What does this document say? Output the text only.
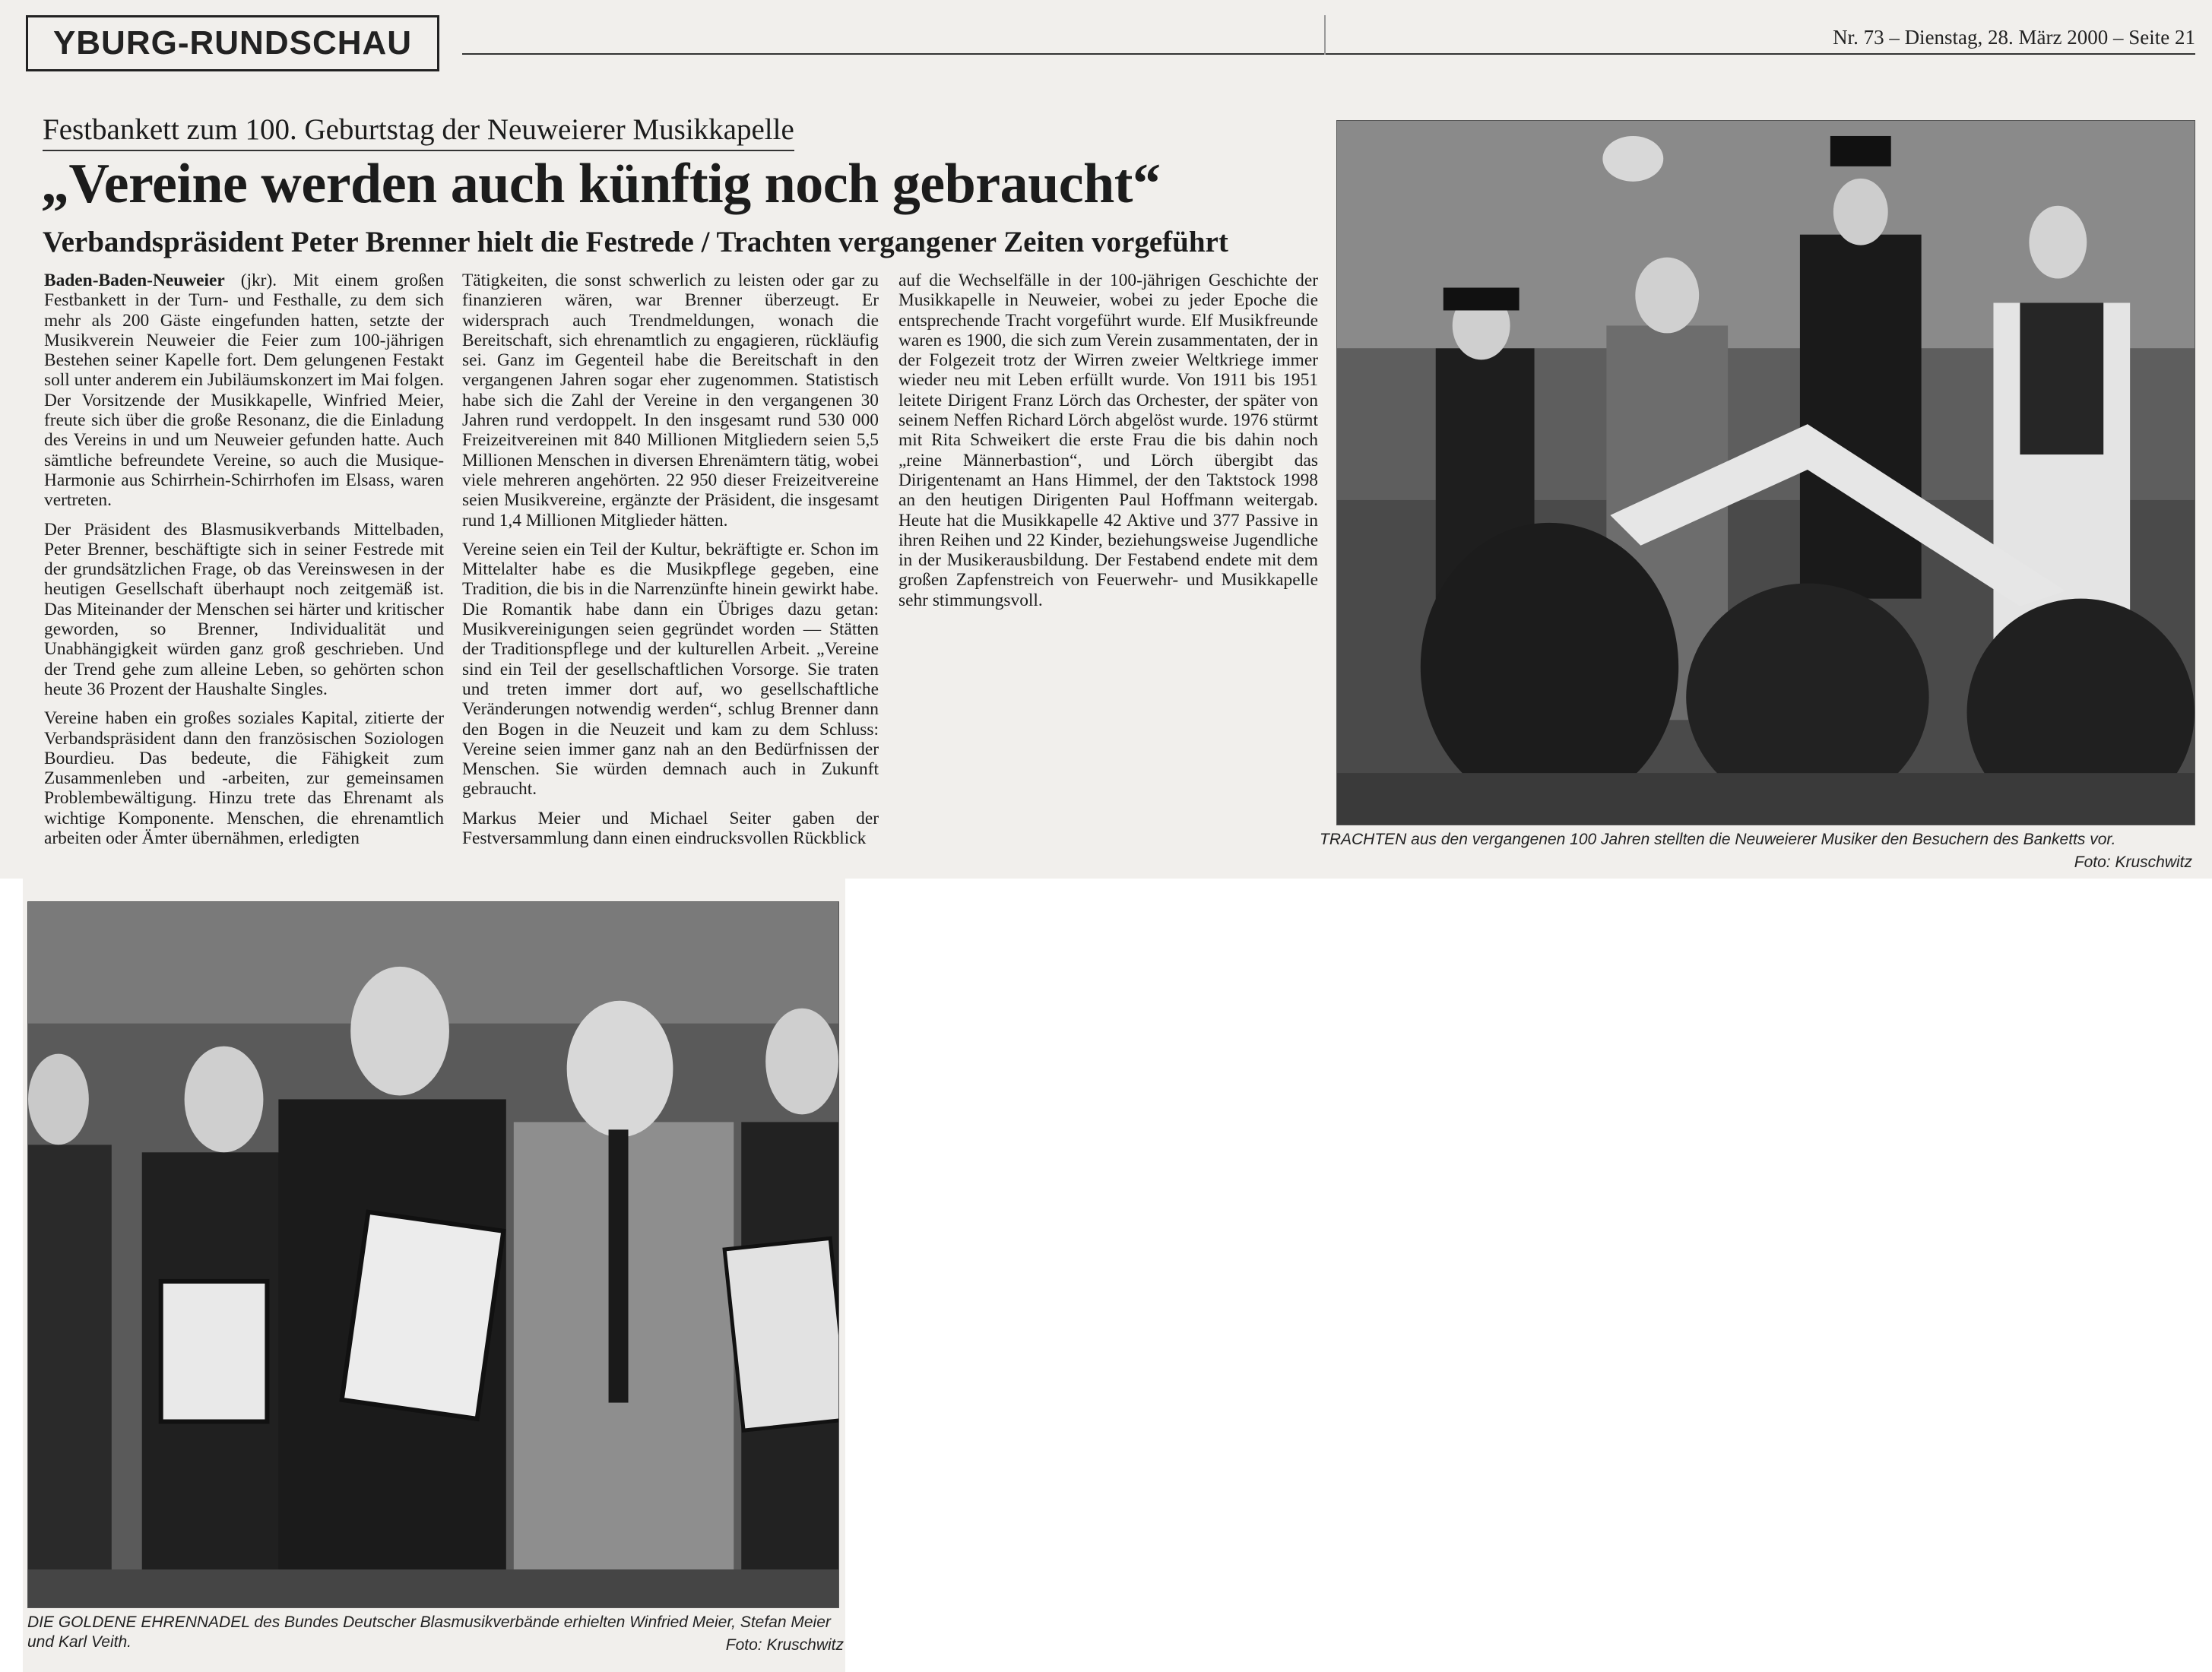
YBURG-RUNDSCHAU	Nr. 73 – Dienstag, 28. März 2000 – Seite 21
Festbankett zum 100. Geburtstag der Neuweierer Musikkapelle
„Vereine werden auch künftig noch gebraucht“
Verbandspräsident Peter Brenner hielt die Festrede / Trachten vergangener Zeiten vorgeführt

Baden-Baden-Neuweier (jkr). Mit einem großen Festbankett in der Turn- und Festhalle, zu dem sich mehr als 200 Gäste eingefunden hatten, setzte der Musikverein Neuweier die Feier zum 100-jährigen Bestehen seiner Kapelle fort. Dem gelungenen Festakt soll unter anderem ein Jubiläumskonzert im Mai folgen. Der Vorsitzende der Musikkapelle, Winfried Meier, freute sich über die große Resonanz, die die Einladung des Vereins in und um Neuweier gefunden hatte. Auch sämtliche befreundete Vereine, so auch die Musique-Harmonie aus Schirrhein-Schirrhofen im Elsass, waren vertreten.

Der Präsident des Blasmusikverbands Mittelbaden, Peter Brenner, beschäftigte sich in seiner Festrede mit der grundsätzlichen Frage, ob das Vereinswesen in der heutigen Gesellschaft überhaupt noch zeitgemäß ist. Das Miteinander der Menschen sei härter und kritischer geworden, so Brenner, Individualität und Unabhängigkeit würden ganz groß geschrieben. Und der Trend gehe zum alleine Leben, so gehörten schon heute 36 Prozent der Haushalte Singles.

Vereine haben ein großes soziales Kapital, zitierte der Verbandspräsident dann den französischen Soziologen Bourdieu. Das bedeute, die Fähigkeit zum Zusammenleben und -arbeiten, zur gemeinsamen Problembewältigung. Hinzu trete das Ehrenamt als wichtige Komponente. Menschen, die ehrenamtlich arbeiten oder Ämter übernähmen, erledigten

Tätigkeiten, die sonst schwerlich zu leisten oder gar zu finanzieren wären, war Brenner überzeugt. Er widersprach auch Trendmeldungen, wonach die Bereitschaft, sich ehrenamtlich zu engagieren, rückläufig sei. Ganz im Gegenteil habe die Bereitschaft in den vergangenen Jahren sogar eher zugenommen. Statistisch habe sich die Zahl der Vereine in den vergangenen 30 Jahren rund verdoppelt. In den insgesamt rund 530 000 Freizeitvereinen mit 840 Millionen Mitgliedern seien 5,5 Millionen Menschen in diversen Ehrenämtern tätig, wobei viele mehreren angehörten. 22 950 dieser Freizeitvereine seien Musikvereine, ergänzte der Präsident, die insgesamt rund 1,4 Millionen Mitglieder hätten.

Vereine seien ein Teil der Kultur, bekräftigte er. Schon im Mittelalter habe es die Musikpflege gegeben, eine Tradition, die bis in die Narrenzünfte hinein gewirkt habe. Die Romantik habe dann ein Übriges dazu getan: Musikvereinigungen seien gegründet worden — Stätten der Traditionspflege und der kulturellen Arbeit. „Vereine sind ein Teil der gesellschaftlichen Vorsorge. Sie traten und treten immer dort auf, wo gesellschaftliche Veränderungen notwendig werden“, schlug Brenner dann den Bogen in die Neuzeit und kam zu dem Schluss: Vereine seien immer ganz nah an den Bedürfnissen der Menschen. Sie würden demnach auch in Zukunft gebraucht.

Markus Meier und Michael Seiter gaben der Festversammlung dann einen eindrucksvollen Rückblick

auf die Wechselfälle in der 100-jährigen Geschichte der Musikkapelle in Neuweier, wobei zu jeder Epoche die entsprechende Tracht vorgeführt wurde. Elf Musikfreunde waren es 1900, die sich zum Verein zusammentaten, der in der Folgezeit trotz der Wirren zweier Weltkriege immer wieder neu mit Leben erfüllt wurde. Von 1911 bis 1951 leitete Dirigent Franz Lörch das Orchester, der später von seinem Neffen Richard Lörch abgelöst wurde. 1976 stürmt mit Rita Schweikert die erste Frau die bis dahin noch „reine Männerbastion“, und Lörch übergibt das Dirigentenamt an Hans Himmel, der den Taktstock 1998 an den heutigen Dirigenten Paul Hoffmann weitergab. Heute hat die Musikkapelle 42 Aktive und 377 Passive in ihren Reihen und 22 Kinder, beziehungsweise Jugendliche in der Musikerausbildung. Der Festabend endete mit dem großen Zapfenstreich von Feuerwehr- und Musikkapelle sehr stimmungsvoll.

TRACHTEN aus den vergangenen 100 Jahren stellten die Neuweierer Musiker den Besuchern des Banketts vor.
Foto: Kruschwitz
DIE GOLDENE EHRENNADEL des Bundes Deutscher Blasmusikverbände erhielten Winfried Meier, Stefan Meier und Karl Veith.	Foto: Kruschwitz
